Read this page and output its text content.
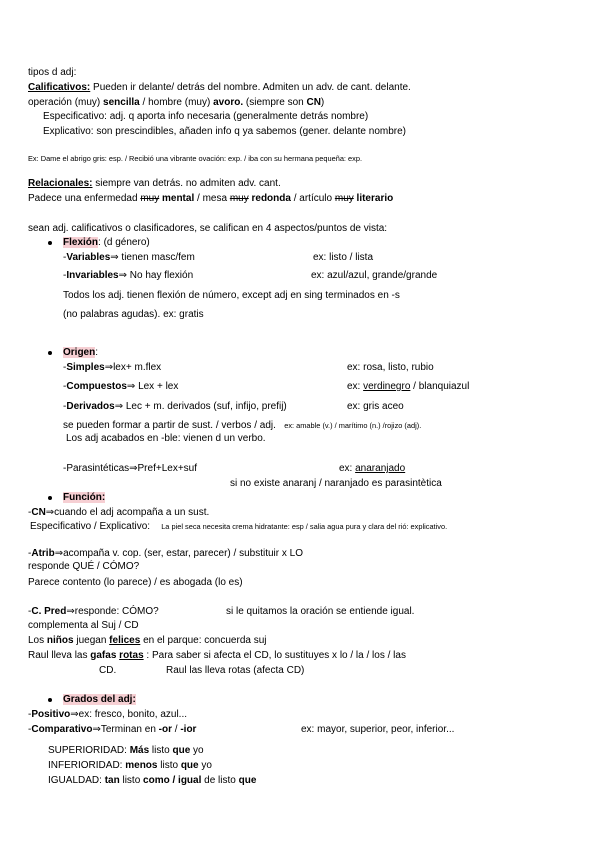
tipos d adj:
Calificativos: Pueden ir delante/ detrás del nombre. Admiten un adv. de cant. delante.
operación (muy) sencilla / hombre (muy) avoro. (siempre son CN)
Especificativo: adj. q aporta info necesaria (generalmente detrás nombre)
Explicativo: son prescindibles, añaden info q ya sabemos (gener. delante nombre)
Ex: Dame el abrigo gris: esp. / Recibió una vibrante ovación: exp. / iba con su hermana pequeña: exp.
Relacionales: siempre van detrás. no admiten adv. cant.
Padece una enfermedad muy mental / mesa muy redonda / artículo muy literario
sean adj. calificativos o clasificadores, se califican en 4 aspectos/puntos de vista:
Flexión: (d género)
-Variables⇒ tienen masc/fem	ex: listo / lista
-Invariables⇒ No hay flexión	ex: azul/azul, grande/grande
Todos los adj. tienen flexión de número, except adj en sing terminados en -s
(no palabras agudas). ex: gratis
Origen:
-Simples⇒lex+ m.flex	ex: rosa, listo, rubio
-Compuestos⇒ Lex + lex	ex: verdinegro / blanquiazul
-Derivados⇒ Lec + m. derivados (suf, infijo, prefij)	ex: gris aceo
se pueden formar a partir de sust. / verbos / adj. ex: amable (v.) / marítimo (n.) /rojizo (adj).
Los adj acabados en -ble: vienen d un verbo.
-Parasintéticas⇒Pref+Lex+suf	ex: anaranjado
si no existe anaranj / naranjado es parasintètica
Función:
-CN⇒cuando el adj acompaña a un sust.
Especificativo / Explicativo: La piel seca necesita crema hidratante: esp / salia agua pura y clara del rió: explicativo.
-Atrib⇒acompaña v. cop. (ser, estar, parecer) / substituir x LO
responde QUÉ / CÓMO?
Parece contento (lo parece) / es abogada (lo es)
-C. Pred⇒responde: CÓMO?	si le quitamos la oración se entiende igual.
complementa al Suj / CD
Los niños juegan felices en el parque: concuerda suj
Raul lleva las gafas rotas : Para saber si afecta el CD, lo sustituyes x lo / la / los / las
CD.	Raul las lleva rotas (afecta CD)
Grados del adj:
-Positivo⇒ex: fresco, bonito, azul...
-Comparativo⇒Terminan en -or / -ior	ex: mayor, superior, peor, inferior...
SUPERIORIDAD: Más listo que yo
INFERIORIDAD: menos listo que yo
IGUALDAD: tan listo como / igual de listo que
